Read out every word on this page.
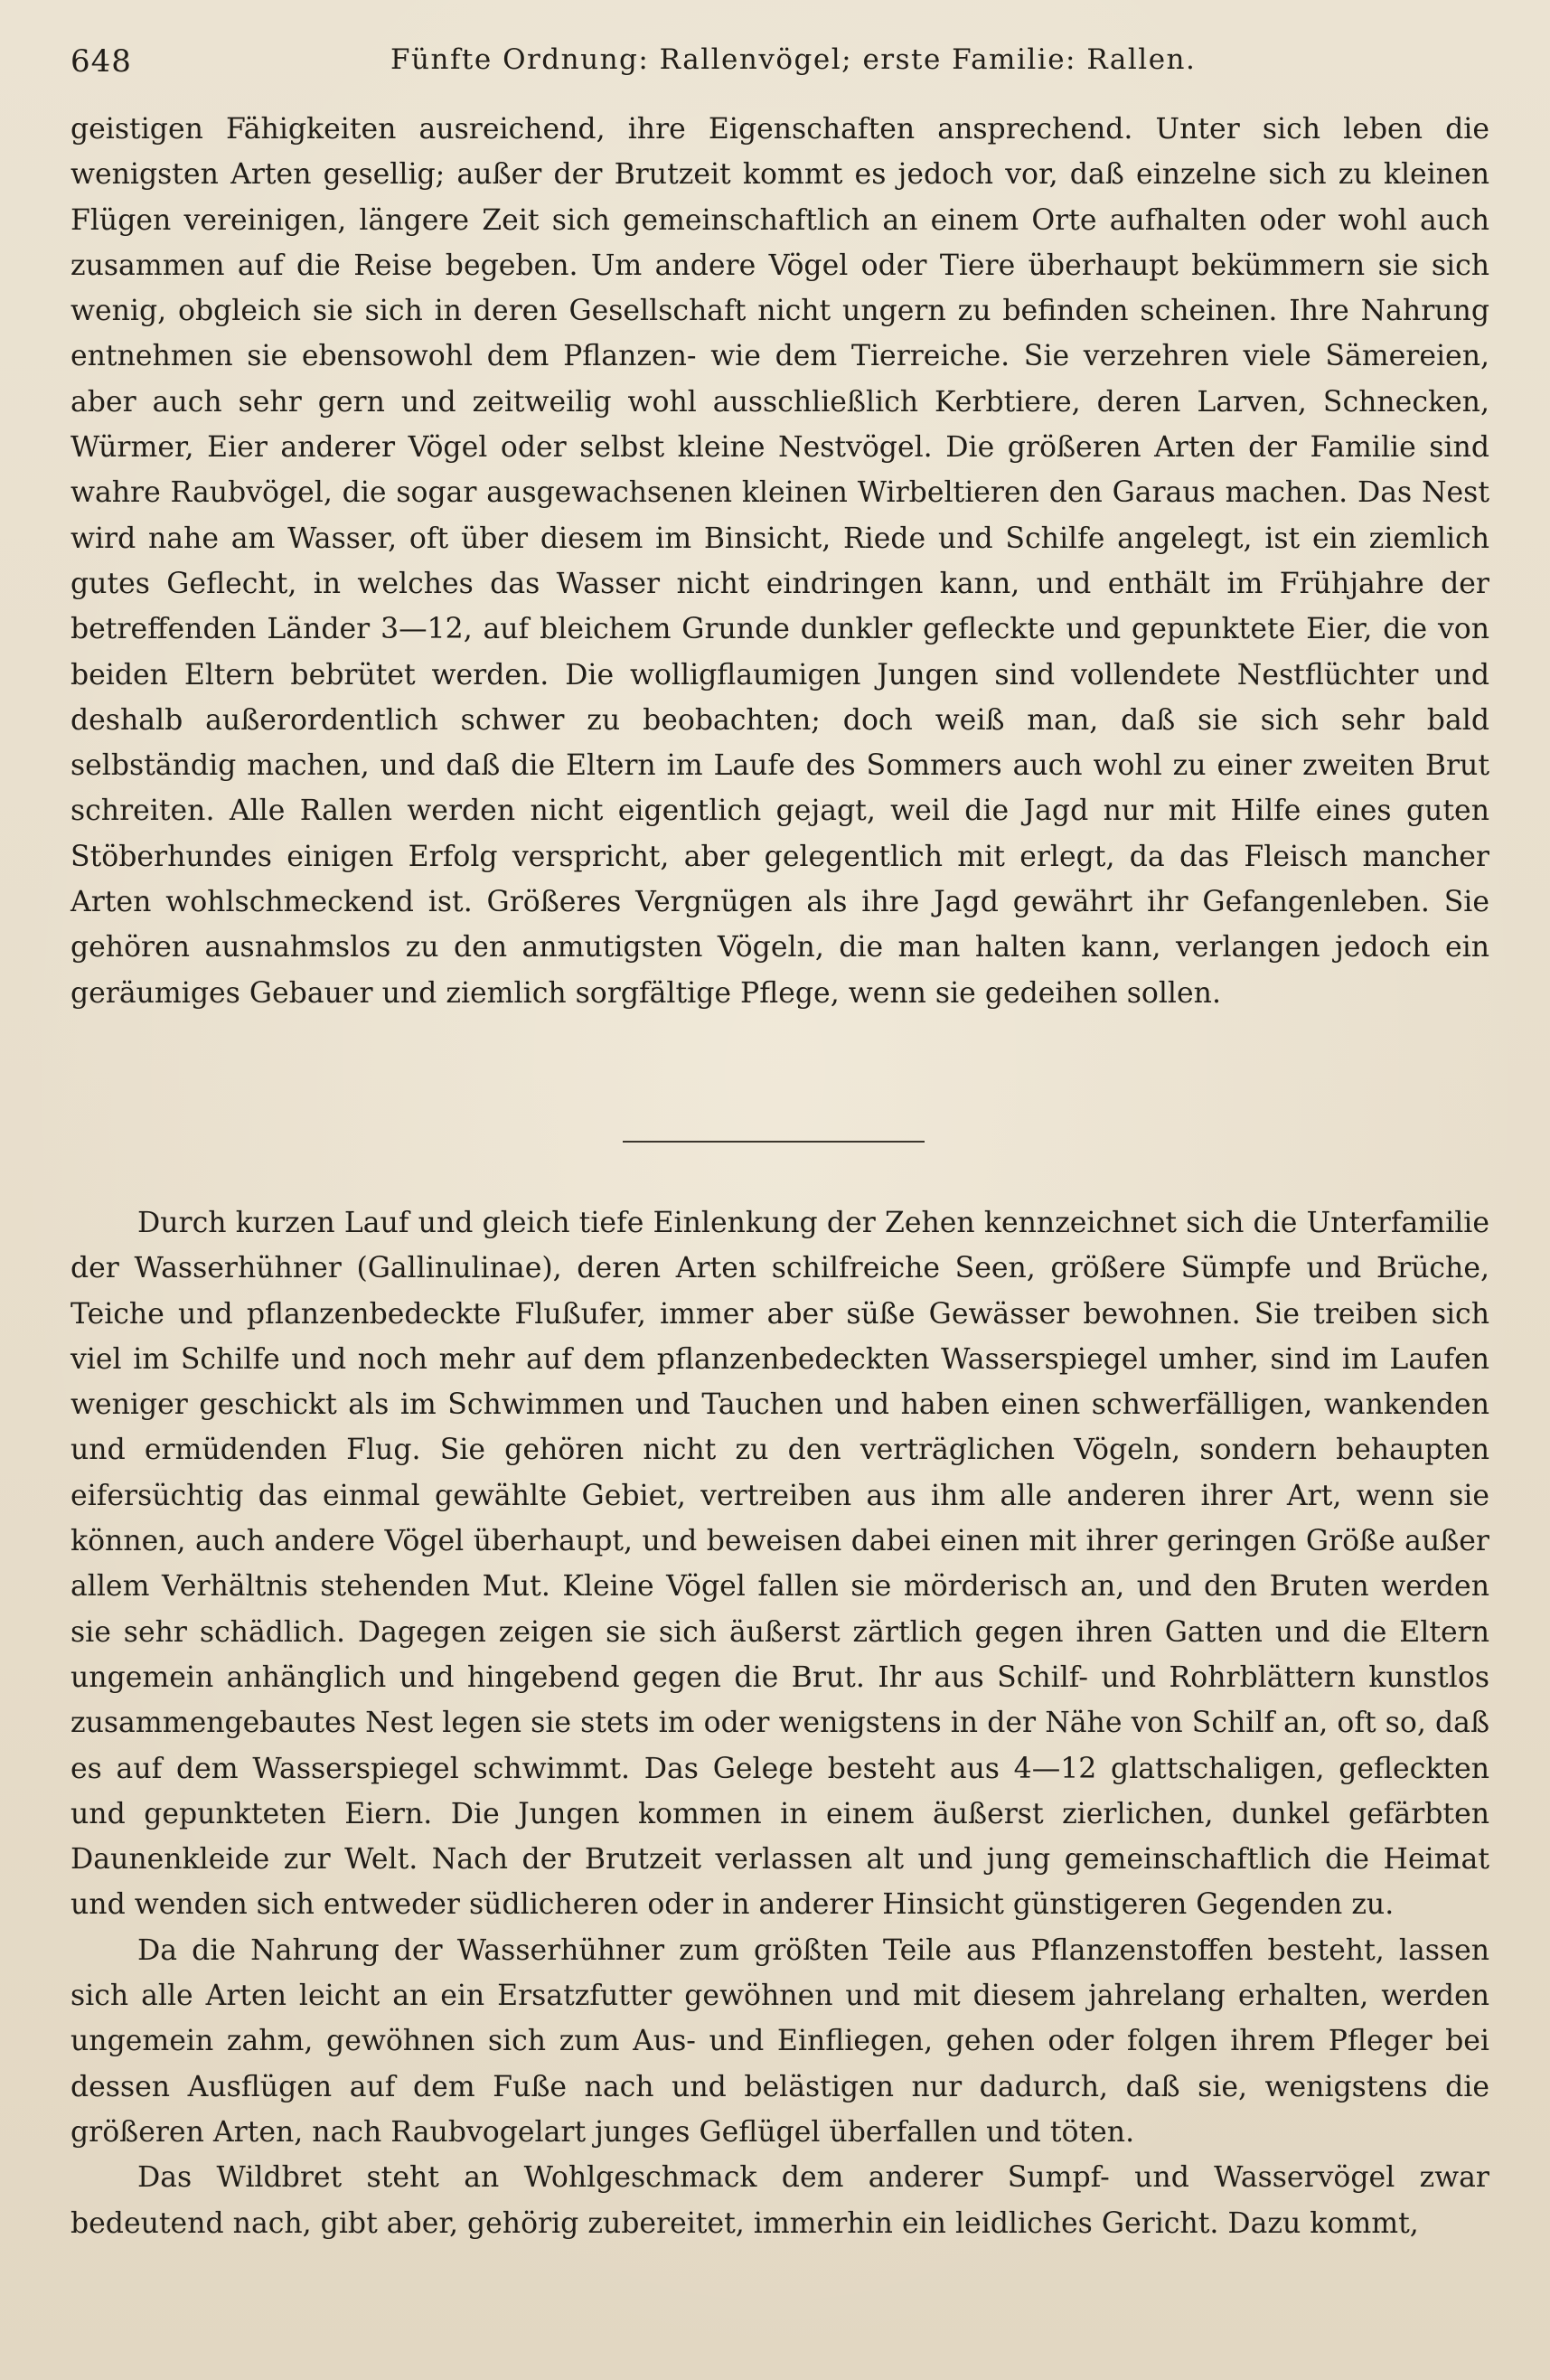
648	Fünfte Ordnung: Rallenvögel; erste Familie: Rallen.

geistigen Fähigkeiten ausreichend, ihre Eigenschaften ansprechend. Unter sich leben die wenigsten Arten gesellig; außer der Brutzeit kommt es jedoch vor, daß einzelne sich zu kleinen Flügen vereinigen, längere Zeit sich gemeinschaftlich an einem Orte aufhalten oder wohl auch zusammen auf die Reise begeben. Um andere Vögel oder Tiere überhaupt bekümmern sie sich wenig, obgleich sie sich in deren Gesellschaft nicht ungern zu befinden scheinen. Ihre Nahrung entnehmen sie ebensowohl dem Pflanzen- wie dem Tierreiche. Sie verzehren viele Sämereien, aber auch sehr gern und zeitweilig wohl ausschließlich Kerbtiere, deren Larven, Schnecken, Würmer, Eier anderer Vögel oder selbst kleine Nestvögel. Die größeren Arten der Familie sind wahre Raubvögel, die sogar ausgewachsenen kleinen Wirbeltieren den Garaus machen. Das Nest wird nahe am Wasser, oft über diesem im Binsicht, Riede und Schilfe angelegt, ist ein ziemlich gutes Geflecht, in welches das Wasser nicht eindringen kann, und enthält im Frühjahre der betreffenden Länder 3—12, auf bleichem Grunde dunkler gefleckte und gepunktete Eier, die von beiden Eltern bebrütet werden. Die wolligflaumigen Jungen sind vollendete Nestflüchter und deshalb außerordentlich schwer zu beobachten; doch weiß man, daß sie sich sehr bald selbständig machen, und daß die Eltern im Laufe des Sommers auch wohl zu einer zweiten Brut schreiten. Alle Rallen werden nicht eigentlich gejagt, weil die Jagd nur mit Hilfe eines guten Stöberhundes einigen Erfolg verspricht, aber gelegentlich mit erlegt, da das Fleisch mancher Arten wohlschmeckend ist. Größeres Vergnügen als ihre Jagd gewährt ihr Gefangenleben. Sie gehören ausnahmslos zu den anmutigsten Vögeln, die man halten kann, verlangen jedoch ein geräumiges Gebauer und ziemlich sorgfältige Pflege, wenn sie gedeihen sollen.

Durch kurzen Lauf und gleich tiefe Einlenkung der Zehen kennzeichnet sich die Unterfamilie der Wasserhühner (Gallinulinae), deren Arten schilfreiche Seen, größere Sümpfe und Brüche, Teiche und pflanzenbedeckte Flußufer, immer aber süße Gewässer bewohnen. Sie treiben sich viel im Schilfe und noch mehr auf dem pflanzenbedeckten Wasserspiegel umher, sind im Laufen weniger geschickt als im Schwimmen und Tauchen und haben einen schwerfälligen, wankenden und ermüdenden Flug. Sie gehören nicht zu den verträglichen Vögeln, sondern behaupten eifersüchtig das einmal gewählte Gebiet, vertreiben aus ihm alle anderen ihrer Art, wenn sie können, auch andere Vögel überhaupt, und beweisen dabei einen mit ihrer geringen Größe außer allem Verhältnis stehenden Mut. Kleine Vögel fallen sie mörderisch an, und den Bruten werden sie sehr schädlich. Dagegen zeigen sie sich äußerst zärtlich gegen ihren Gatten und die Eltern ungemein anhänglich und hingebend gegen die Brut. Ihr aus Schilf- und Rohrblättern kunstlos zusammengebautes Nest legen sie stets im oder wenigstens in der Nähe von Schilf an, oft so, daß es auf dem Wasserspiegel schwimmt. Das Gelege besteht aus 4—12 glattschaligen, gefleckten und gepunkteten Eiern. Die Jungen kommen in einem äußerst zierlichen, dunkel gefärbten Daunenkleide zur Welt. Nach der Brutzeit verlassen alt und jung gemeinschaftlich die Heimat und wenden sich entweder südlicheren oder in anderer Hinsicht günstigeren Gegenden zu.

Da die Nahrung der Wasserhühner zum größten Teile aus Pflanzenstoffen besteht, lassen sich alle Arten leicht an ein Ersatzfutter gewöhnen und mit diesem jahrelang erhalten, werden ungemein zahm, gewöhnen sich zum Aus- und Einfliegen, gehen oder folgen ihrem Pfleger bei dessen Ausflügen auf dem Fuße nach und belästigen nur dadurch, daß sie, wenigstens die größeren Arten, nach Raubvogelart junges Geflügel überfallen und töten.

Das Wildbret steht an Wohlgeschmack dem anderer Sumpf- und Wasservögel zwar bedeutend nach, gibt aber, gehörig zubereitet, immerhin ein leidliches Gericht. Dazu kommt,
